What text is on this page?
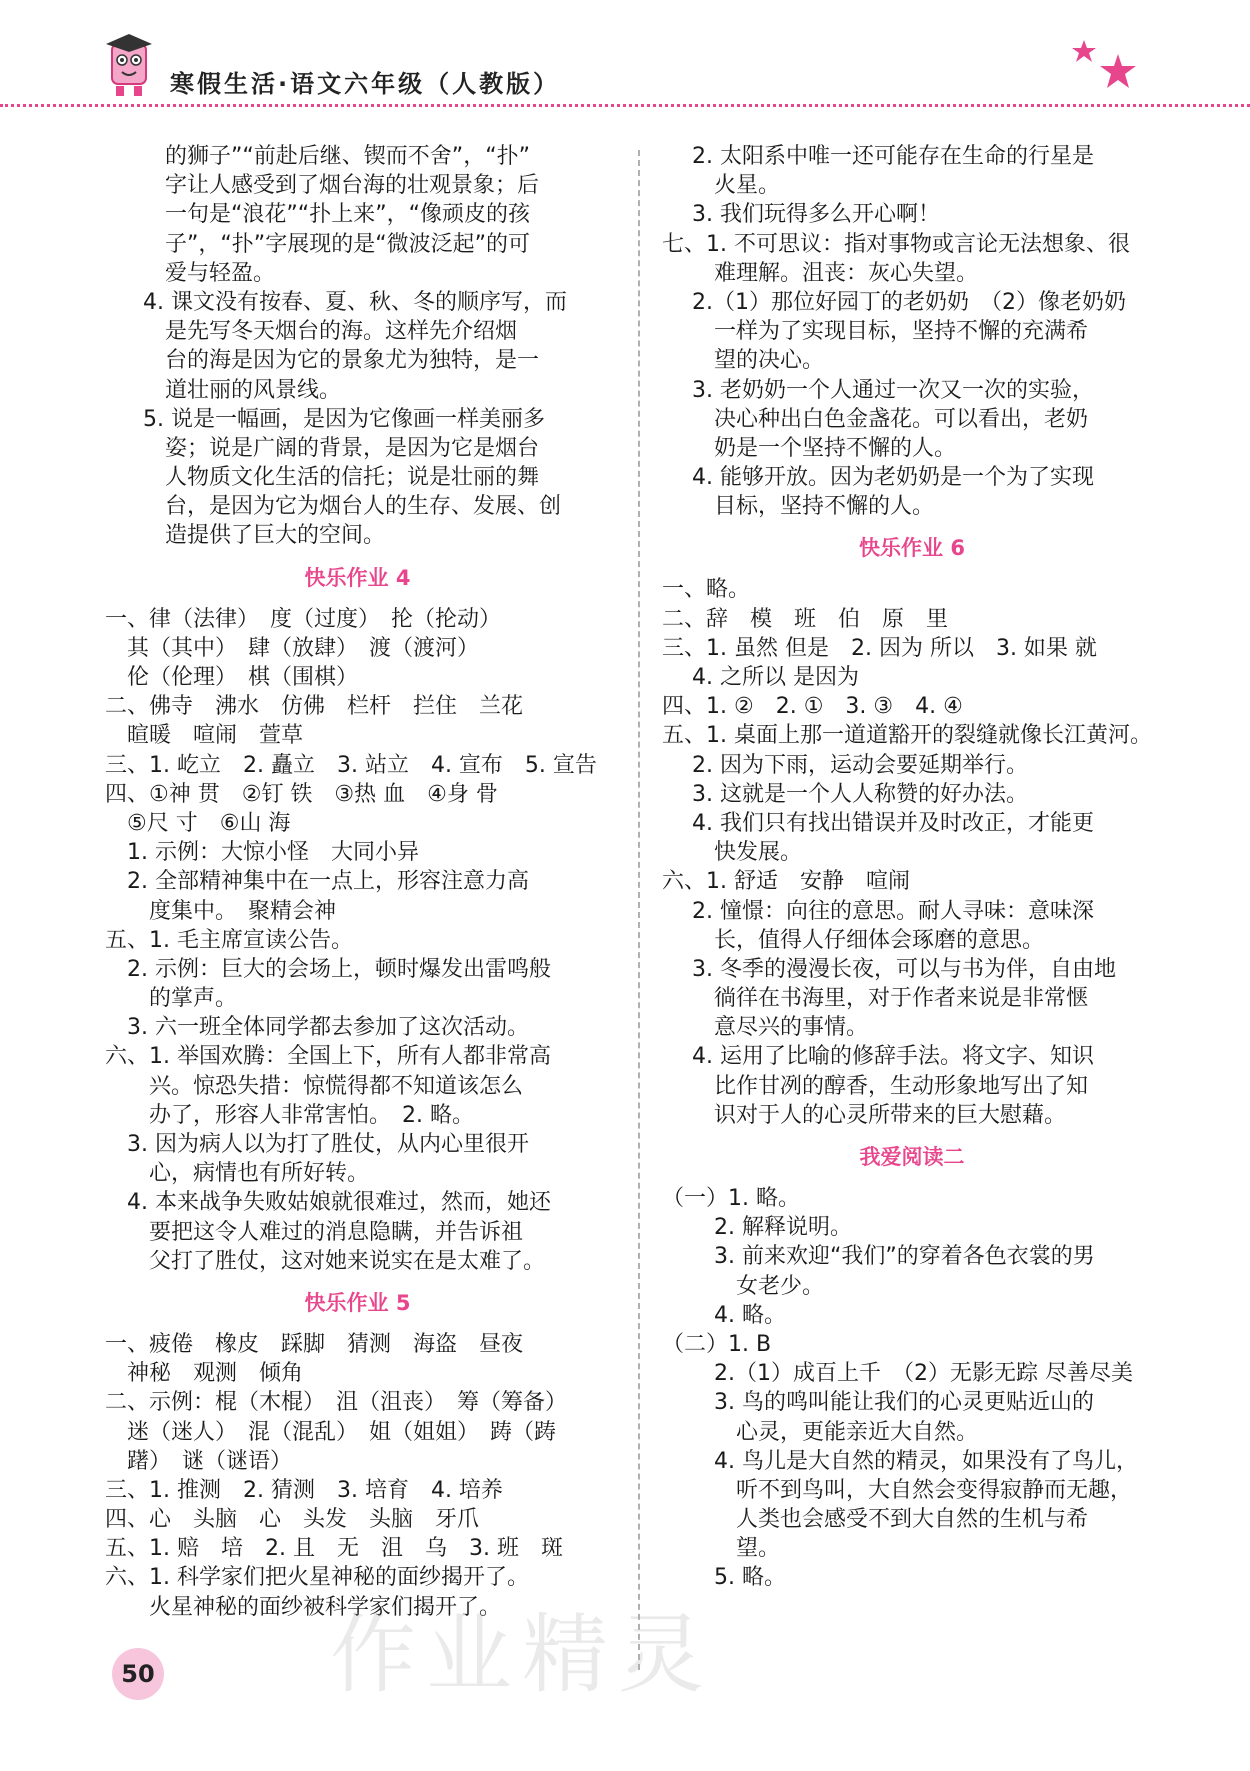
寒假生活·语文六年级（人教版）
的狮子”“前赴后继、锲而不舍”，“扑”
字让人感受到了烟台海的壮观景象；后
一句是“浪花”“扑上来”，“像顽皮的孩
子”，“扑”字展现的是“微波泛起”的可
爱与轻盈。
4. 课文没有按春、夏、秋、冬的顺序写，而
是先写冬天烟台的海。这样先介绍烟
台的海是因为它的景象尤为独特，是一
道壮丽的风景线。
5. 说是一幅画，是因为它像画一样美丽多
姿；说是广阔的背景，是因为它是烟台
人物质文化生活的信托；说是壮丽的舞
台，是因为它为烟台人的生存、发展、创
造提供了巨大的空间。
快乐作业 4
一、律（法律）　度（过度）　抡（抡动）
其（其中）　肆（放肆）　渡（渡河）
伦（伦理）　棋（围棋）
二、佛寺　沸水　仿佛　栏杆　拦住　兰花
暄暖　喧闹　萱草
三、1. 屹立　2. 矗立　3. 站立　4. 宣布　5. 宣告
四、①神 贯　②钉 铁　③热 血　④身 骨
⑤尺 寸　⑥山 海
1. 示例：大惊小怪　大同小异
2. 全部精神集中在一点上，形容注意力高
度集中。　聚精会神
五、1. 毛主席宣读公告。
2. 示例：巨大的会场上，顿时爆发出雷鸣般
的掌声。
3. 六一班全体同学都去参加了这次活动。
六、1. 举国欢腾：全国上下，所有人都非常高
兴。惊恐失措：惊慌得都不知道该怎么
办了，形容人非常害怕。　2. 略。
3. 因为病人以为打了胜仗，从内心里很开
心，病情也有所好转。
4. 本来战争失败姑娘就很难过，然而，她还
要把这令人难过的消息隐瞒，并告诉祖
父打了胜仗，这对她来说实在是太难了。
快乐作业 5
一、疲倦　橡皮　踩脚　猜测　海盗　昼夜
神秘　观测　倾角
二、示例：棍（木棍）　沮（沮丧）　筹（筹备）
迷（迷人）　混（混乱）　姐（姐姐）　踌（踌
躇）　谜（谜语）
三、1. 推测　2. 猜测　3. 培育　4. 培养
四、心　头脑　心　头发　头脑　牙爪
五、1. 赔　培　2. 且　无　沮　乌　3. 班　斑
六、1. 科学家们把火星神秘的面纱揭开了。
火星神秘的面纱被科学家们揭开了。
2. 太阳系中唯一还可能存在生命的行星是
火星。
3. 我们玩得多么开心啊！
七、1. 不可思议：指对事物或言论无法想象、很
难理解。沮丧：灰心失望。
2.（1）那位好园丁的老奶奶　（2）像老奶奶
一样为了实现目标，坚持不懈的充满希
望的决心。
3. 老奶奶一个人通过一次又一次的实验，
决心种出白色金盏花。可以看出，老奶
奶是一个坚持不懈的人。
4. 能够开放。因为老奶奶是一个为了实现
目标，坚持不懈的人。
快乐作业 6
一、略。
二、辞　模　班　伯　原　里
三、1. 虽然 但是　2. 因为 所以　3. 如果 就
4. 之所以 是因为
四、1. ②　2. ①　3. ③　4. ④
五、1. 桌面上那一道道豁开的裂缝就像长江黄河。
2. 因为下雨，运动会要延期举行。
3. 这就是一个人人称赞的好办法。
4. 我们只有找出错误并及时改正，才能更
快发展。
六、1. 舒适　安静　喧闹
2. 憧憬：向往的意思。耐人寻味：意味深
长，值得人仔细体会琢磨的意思。
3. 冬季的漫漫长夜，可以与书为伴，自由地
徜徉在书海里，对于作者来说是非常惬
意尽兴的事情。
4. 运用了比喻的修辞手法。将文字、知识
比作甘冽的醇香，生动形象地写出了知
识对于人的心灵所带来的巨大慰藉。
我爱阅读二
（一）1. 略。
2. 解释说明。
3. 前来欢迎“我们”的穿着各色衣裳的男
女老少。
4. 略。
（二）1. B
2.（1）成百上千　（2）无影无踪 尽善尽美
3. 鸟的鸣叫能让我们的心灵更贴近山的
心灵，更能亲近大自然。
4. 鸟儿是大自然的精灵，如果没有了鸟儿，
听不到鸟叫，大自然会变得寂静而无趣，
人类也会感受不到大自然的生机与希
望。
5. 略。
作业精灵
50
